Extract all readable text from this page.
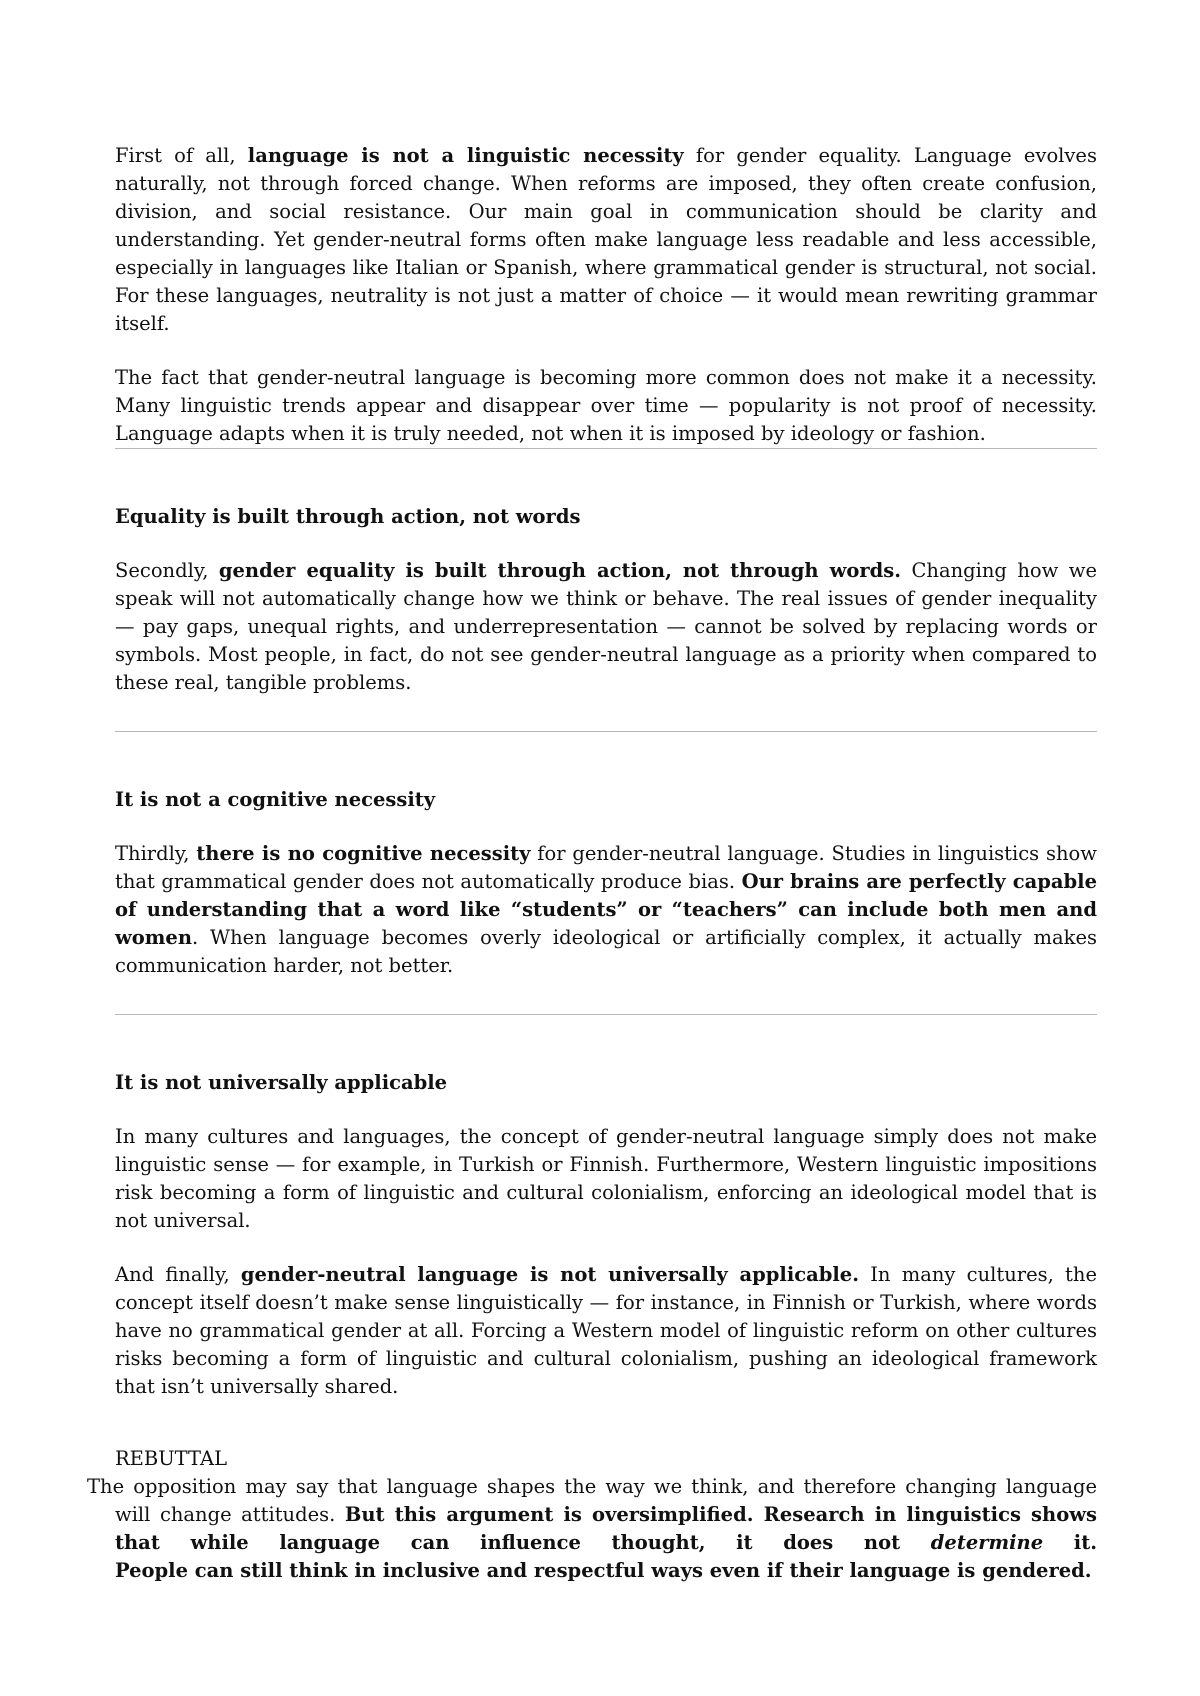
First of all, language is not a linguistic necessity for gender equality. Language evolves naturally, not through forced change. When reforms are imposed, they often create confusion, division, and social resistance. Our main goal in communication should be clarity and understanding. Yet gender-neutral forms often make language less readable and less accessible, especially in languages like Italian or Spanish, where grammatical gender is structural, not social. For these languages, neutrality is not just a matter of choice — it would mean rewriting grammar itself.

The fact that gender-neutral language is becoming more common does not make it a necessity. Many linguistic trends appear and disappear over time — popularity is not proof of necessity. Language adapts when it is truly needed, not when it is imposed by ideology or fashion.

Equality is built through action, not words

Secondly, gender equality is built through action, not through words. Changing how we speak will not automatically change how we think or behave. The real issues of gender inequality — pay gaps, unequal rights, and underrepresentation — cannot be solved by replacing words or symbols. Most people, in fact, do not see gender-neutral language as a priority when compared to these real, tangible problems.

It is not a cognitive necessity

Thirdly, there is no cognitive necessity for gender-neutral language. Studies in linguistics show that grammatical gender does not automatically produce bias. Our brains are perfectly capable of understanding that a word like “students” or “teachers” can include both men and women. When language becomes overly ideological or artificially complex, it actually makes communication harder, not better.

It is not universally applicable

In many cultures and languages, the concept of gender-neutral language simply does not make linguistic sense — for example, in Turkish or Finnish. Furthermore, Western linguistic impositions risk becoming a form of linguistic and cultural colonialism, enforcing an ideological model that is not universal.

And finally, gender-neutral language is not universally applicable. In many cultures, the concept itself doesn’t make sense linguistically — for instance, in Finnish or Turkish, where words have no grammatical gender at all. Forcing a Western model of linguistic reform on other cultures risks becoming a form of linguistic and cultural colonialism, pushing an ideological framework that isn’t universally shared.

REBUTTAL

The opposition may say that language shapes the way we think, and therefore changing language will change attitudes. But this argument is oversimplified. Research in linguistics shows that while language can influence thought, it does not determine it.

People can still think in inclusive and respectful ways even if their language is gendered.
